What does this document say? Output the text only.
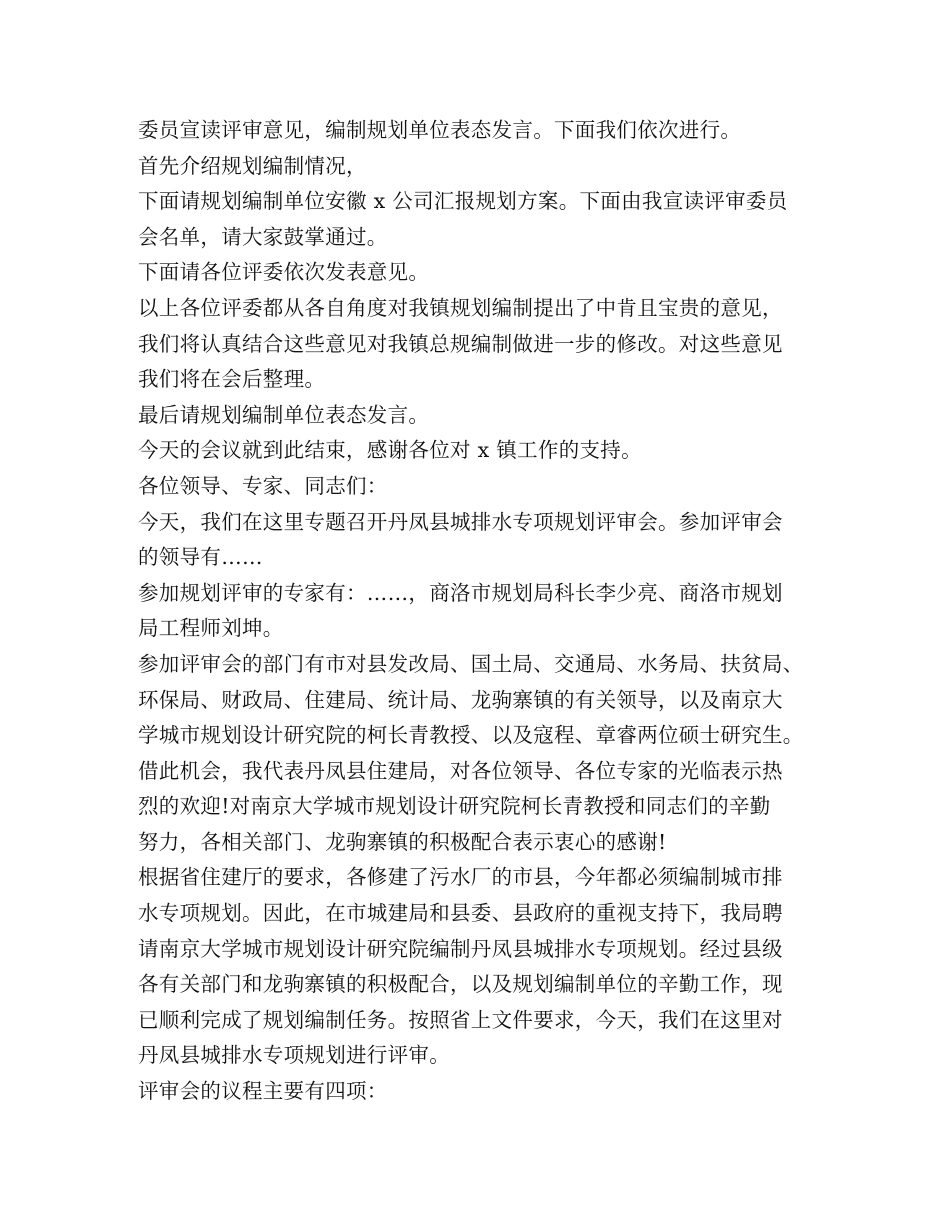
委员宣读评审意见，编制规划单位表态发言。下面我们依次进行。
首先介绍规划编制情况，
下面请规划编制单位安徽 x 公司汇报规划方案。下面由我宣读评审委员
会名单，请大家鼓掌通过。
下面请各位评委依次发表意见。
以上各位评委都从各自角度对我镇规划编制提出了中肯且宝贵的意见，
我们将认真结合这些意见对我镇总规编制做进一步的修改。对这些意见
我们将在会后整理。
最后请规划编制单位表态发言。
今天的会议就到此结束，感谢各位对 x 镇工作的支持。
各位领导、专家、同志们：
今天，我们在这里专题召开丹凤县城排水专项规划评审会。参加评审会
的领导有……
参加规划评审的专家有：……，商洛市规划局科长李少亮、商洛市规划
局工程师刘坤。
参加评审会的部门有市对县发改局、国土局、交通局、水务局、扶贫局、
环保局、财政局、住建局、统计局、龙驹寨镇的有关领导，以及南京大
学城市规划设计研究院的柯长青教授、以及寇程、章睿两位硕士研究生。
借此机会，我代表丹凤县住建局，对各位领导、各位专家的光临表示热
烈的欢迎!对南京大学城市规划设计研究院柯长青教授和同志们的辛勤
努力，各相关部门、龙驹寨镇的积极配合表示衷心的感谢!
根据省住建厅的要求，各修建了污水厂的市县，今年都必须编制城市排
水专项规划。因此，在市城建局和县委、县政府的重视支持下，我局聘
请南京大学城市规划设计研究院编制丹凤县城排水专项规划。经过县级
各有关部门和龙驹寨镇的积极配合，以及规划编制单位的辛勤工作，现
已顺利完成了规划编制任务。按照省上文件要求，今天，我们在这里对
丹凤县城排水专项规划进行评审。
评审会的议程主要有四项：
